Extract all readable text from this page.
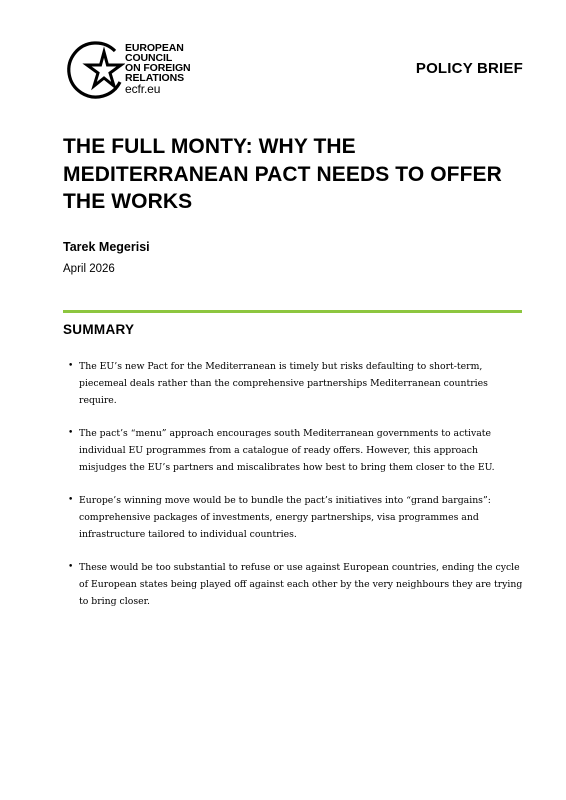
EUROPEAN
COUNCIL
ON FOREIGN
RELATIONS
ecfr.eu
POLICY BRIEF
THE FULL MONTY: WHY THE MEDITERRANEAN PACT NEEDS TO OFFER THE WORKS
Tarek Megerisi
April 2026
SUMMARY
• The EU’s new Pact for the Mediterranean is timely but risks defaulting to short-term, piecemeal deals rather than the comprehensive partnerships Mediterranean countries require.
• The pact’s “menu” approach encourages south Mediterranean governments to activate individual EU programmes from a catalogue of ready offers. However, this approach misjudges the EU’s partners and miscalibrates how best to bring them closer to the EU.
• Europe’s winning move would be to bundle the pact’s initiatives into “grand bargains”: comprehensive packages of investments, energy partnerships, visa programmes and infrastructure tailored to individual countries.
• These would be too substantial to refuse or use against European countries, ending the cycle of European states being played off against each other by the very neighbours they are trying to bring closer.
